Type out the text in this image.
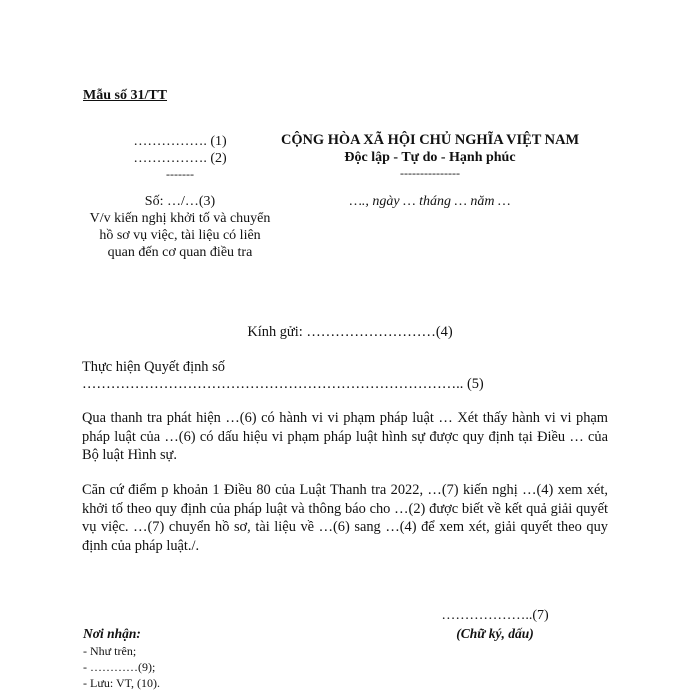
Mẫu số 31/TT
……………. (1)
……………. (2)
-------
Số: …/…(3)
V/v kiến nghị khởi tố và chuyển hồ sơ vụ việc, tài liệu có liên quan đến cơ quan điều tra
CỘNG HÒA XÃ HỘI CHỦ NGHĨA VIỆT NAM
Độc lập - Tự do - Hạnh phúc
---------------
…., ngày … tháng … năm …
Kính gửi: ………………………(4)
Thực hiện Quyết định số
…………………………………………………………………….. (5)
Qua thanh tra phát hiện …(6) có hành vi vi phạm pháp luật … Xét thấy hành vi vi phạm pháp luật của …(6) có dấu hiệu vi phạm pháp luật hình sự được quy định tại Điều … của Bộ luật Hình sự.
Căn cứ điểm p khoản 1 Điều 80 của Luật Thanh tra 2022, …(7) kiến nghị …(4) xem xét, khởi tố theo quy định của pháp luật và thông báo cho …(2) được biết về kết quả giải quyết vụ việc. …(7) chuyển hồ sơ, tài liệu về …(6) sang …(4) để xem xét, giải quyết theo quy định của pháp luật./.
………………..(7)
(Chữ ký, dấu)
Nơi nhận:
- Như trên;
- …………(9);
- Lưu: VT, (10).
